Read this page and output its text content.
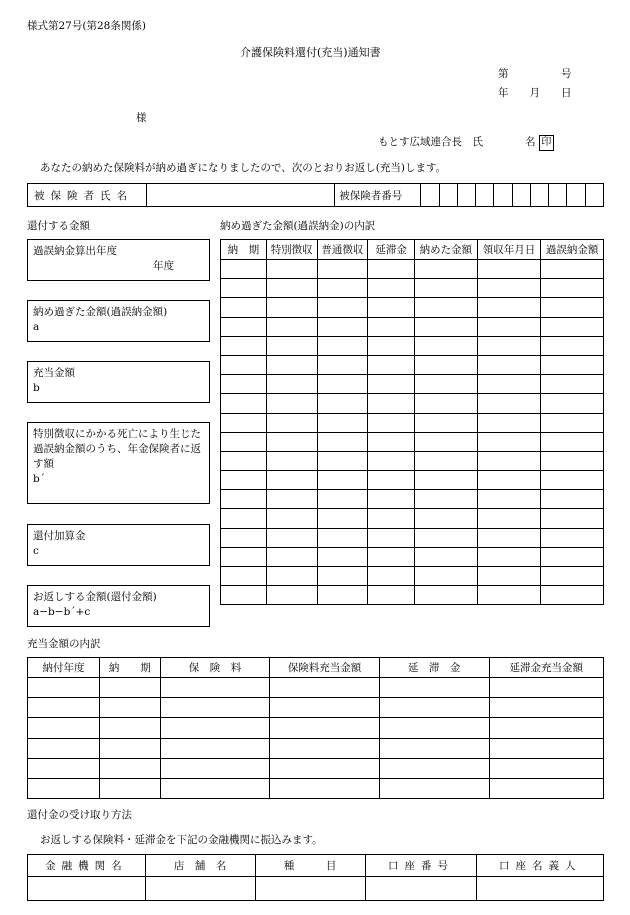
様式第27号(第28条関係)
介護保険料還付(充当)通知書
第　　　　　号
年　　月　　日
様
もとす広域連合長　氏　　　　名 印
あなたの納めた保険料が納め過ぎになりましたので、次のとおりお返し(充当)します。
被保険者氏名		被保険者番号										
還付する金額	納め過ぎた金額(過誤納金)の内訳
過誤納金算出年度
年度
納め過ぎた金額(過誤納金額)
a
充当金額
b
特別徴収にかかる死亡により生じた過誤納金額のうち、年金保険者に返す額
b´
還付加算金
c
お返しする金額(還付金額)
a−b−b´+c
納　期	特別徴収	普通徴収	延滞金	納めた金額	領収年月日	過誤納金額

充当金額の内訳
納付年度	納　　期	保　険　料	保険料充当金額	延　滞　金	延滞金充当金額

還付金の受け取り方法
お返しする保険料・延滞金を下記の金融機関に振込みます。
金融機関名	店　舗　名	種　　　目	口座番号	口座名義人
